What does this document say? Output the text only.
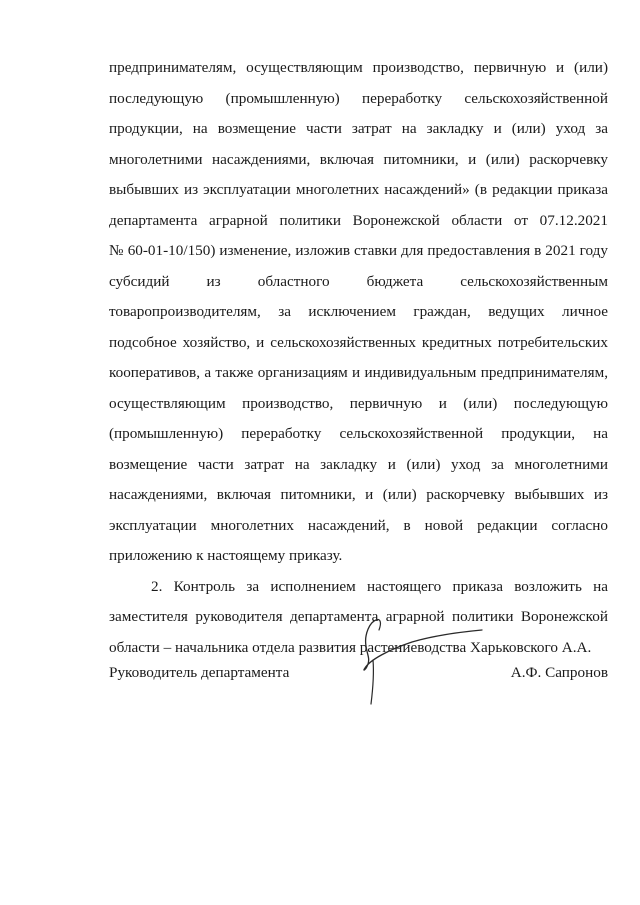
предпринимателям, осуществляющим производство, первичную и (или)
последующую (промышленную) переработку сельскохозяйственной
продукции, на возмещение части затрат на закладку и (или) уход за
многолетними насаждениями, включая питомники, и (или) раскорчевку
выбывших из эксплуатации многолетних насаждений» (в редакции приказа
департамента аграрной политики Воронежской области от 07.12.2021
№ 60-01-10/150) изменение, изложив ставки для предоставления в 2021 году
субсидий из областного бюджета сельскохозяйственным
товаропроизводителям, за исключением граждан, ведущих личное
подсобное хозяйство, и сельскохозяйственных кредитных потребительских
кооперативов, а также организациям и индивидуальным предпринимателям,
осуществляющим производство, первичную и (или) последующую
(промышленную) переработку сельскохозяйственной продукции, на
возмещение части затрат на закладку и (или) уход за многолетними
насаждениями, включая питомники, и (или) раскорчевку выбывших из
эксплуатации многолетних насаждений, в новой редакции согласно
приложению к настоящему приказу.
2. Контроль за исполнением настоящего приказа возложить на
заместителя руководителя департамента аграрной политики Воронежской
области – начальника отдела развития растениеводства Харьковского А.А.
Руководитель департамента	А.Ф. Сапронов
